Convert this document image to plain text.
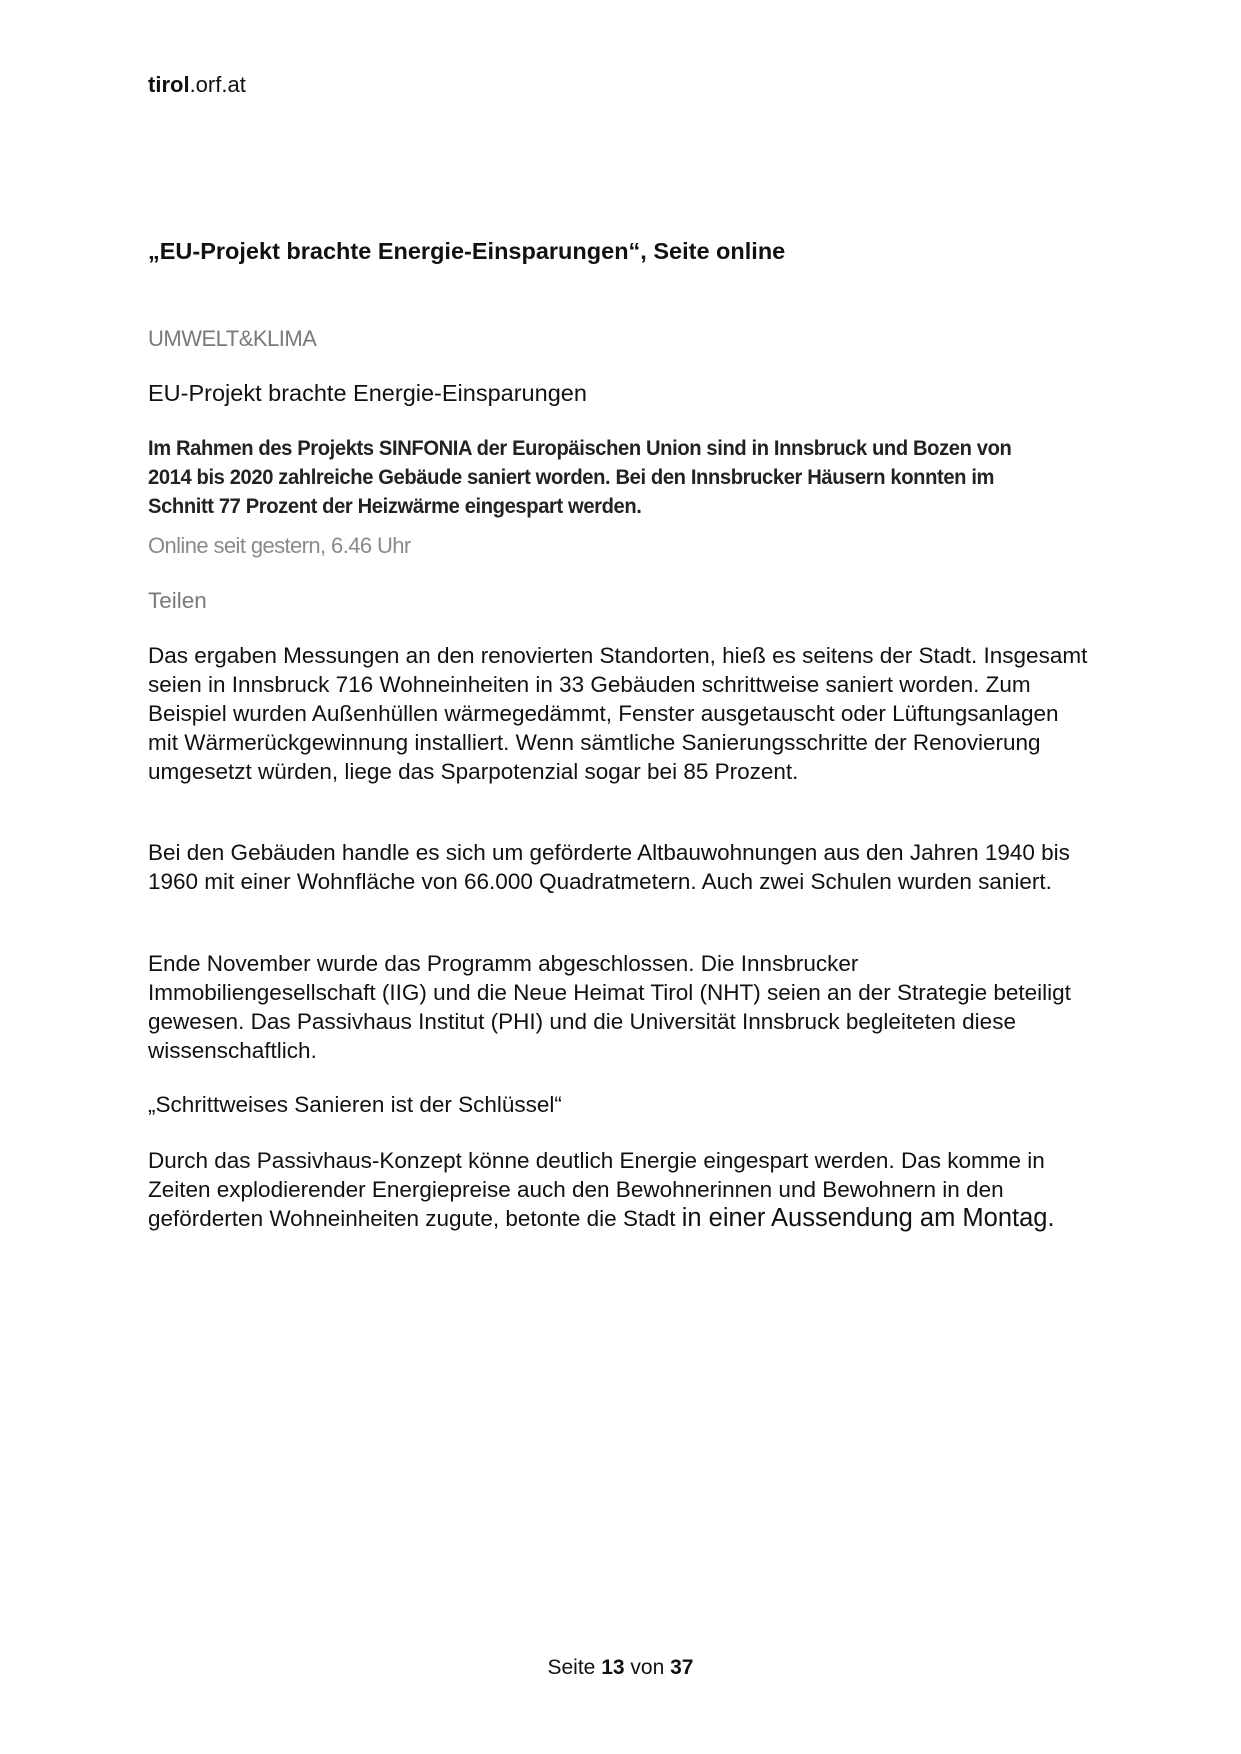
tirol.orf.at
„EU-Projekt brachte Energie-Einsparungen“, Seite online
UMWELT&KLIMA
EU-Projekt brachte Energie-Einsparungen

Im Rahmen des Projekts SINFONIA der Europäischen Union sind in Innsbruck und Bozen von 2014 bis 2020 zahlreiche Gebäude saniert worden. Bei den Innsbrucker Häusern konnten im Schnitt 77 Prozent der Heizwärme eingespart werden.

Online seit gestern, 6.46 Uhr
Teilen

Das ergaben Messungen an den renovierten Standorten, hieß es seitens der Stadt. Insgesamt seien in Innsbruck 716 Wohneinheiten in 33 Gebäuden schrittweise saniert worden. Zum Beispiel wurden Außenhüllen wärmegedämmt, Fenster ausgetauscht oder Lüftungsanlagen mit Wärmerückgewinnung installiert. Wenn sämtliche Sanierungsschritte der Renovierung umgesetzt würden, liege das Sparpotenzial sogar bei 85 Prozent.

Bei den Gebäuden handle es sich um geförderte Altbauwohnungen aus den Jahren 1940 bis 1960 mit einer Wohnfläche von 66.000 Quadratmetern. Auch zwei Schulen wurden saniert.

Ende November wurde das Programm abgeschlossen. Die Innsbrucker Immobiliengesellschaft (IIG) und die Neue Heimat Tirol (NHT) seien an der Strategie beteiligt gewesen. Das Passivhaus Institut (PHI) und die Universität Innsbruck begleiteten diese wissenschaftlich.

„Schrittweises Sanieren ist der Schlüssel“

Durch das Passivhaus-Konzept könne deutlich Energie eingespart werden. Das komme in Zeiten explodierender Energiepreise auch den Bewohnerinnen und Bewohnern in den geförderten Wohneinheiten zugute, betonte die Stadt in einer Aussendung am Montag.

Seite 13 von 37
